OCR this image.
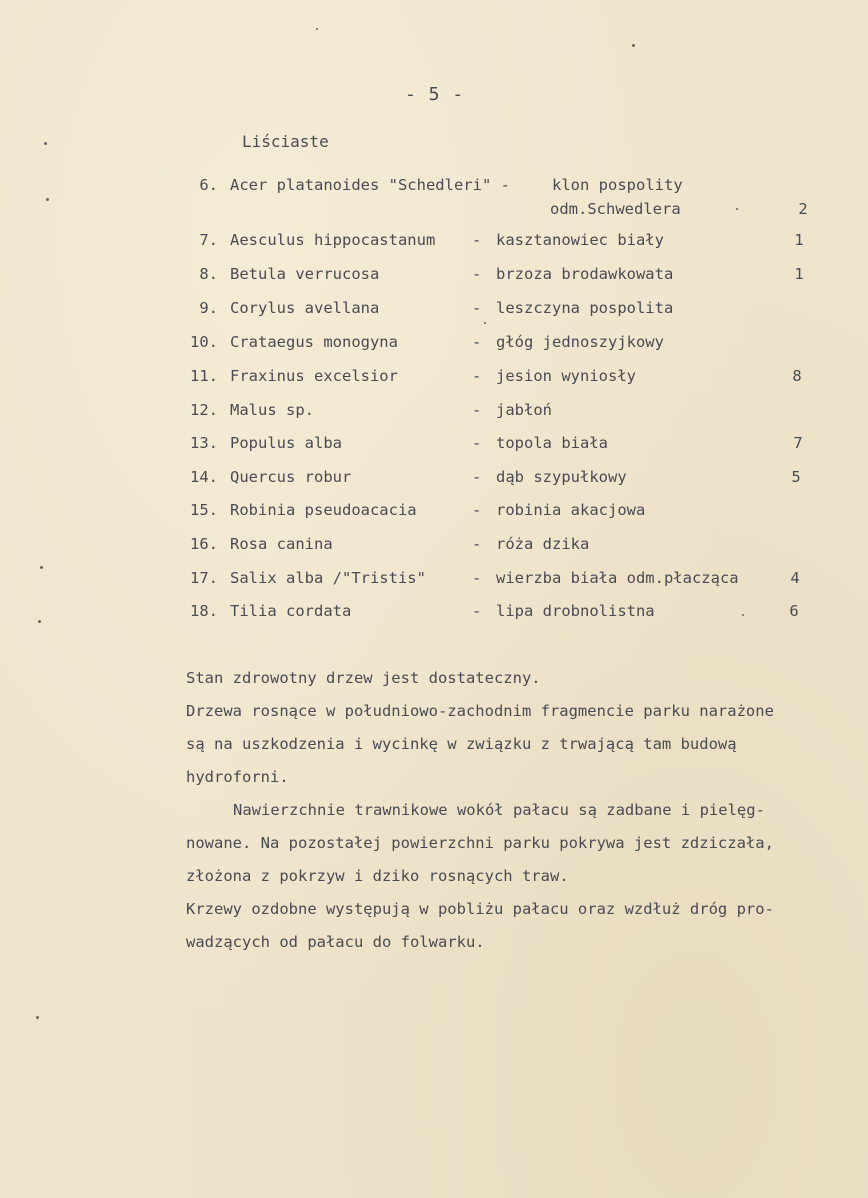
- 5 -
Liściaste
6. Acer platanoides "Schedleri" -	klon pospolity
odm.Schwedlera	2
7. Aesculus hippocastanum - kasztanowiec biały	1
8. Betula verrucosa	- brzoza brodawkowata	1
9. Corylus avellana	- leszczyna pospolita
10. Crataegus monogyna	- głóg jednoszyjkowy
11. Fraxinus excelsior	- jesion wyniosły	8
12. Malus sp.	- jabłoń
13. Populus alba	- topola biała	7
14. Quercus robur	- dąb szypułkowy	5
15. Robinia pseudoacacia	- robinia akacjowa
16. Rosa canina	- róża dzika
17. Salix alba /"Tristis"	- wierzba biała odm.płacząca	4
18. Tilia cordata	- lipa drobnolistna	6
Stan zdrowotny drzew jest dostateczny.
Drzewa rosnące w południowo-zachodnim fragmencie parku narażone
są na uszkodzenia i wycinkę w związku z trwającą tam budową
hydroforni.
Nawierzchnie trawnikowe wokół pałacu są zadbane i pielęg-
nowane. Na pozostałej powierzchni parku pokrywa jest zdziczała,
złożona z pokrzyw i dziko rosnących traw.
Krzewy ozdobne występują w pobliżu pałacu oraz wzdłuż dróg pro-
wadzących od pałacu do folwarku.
